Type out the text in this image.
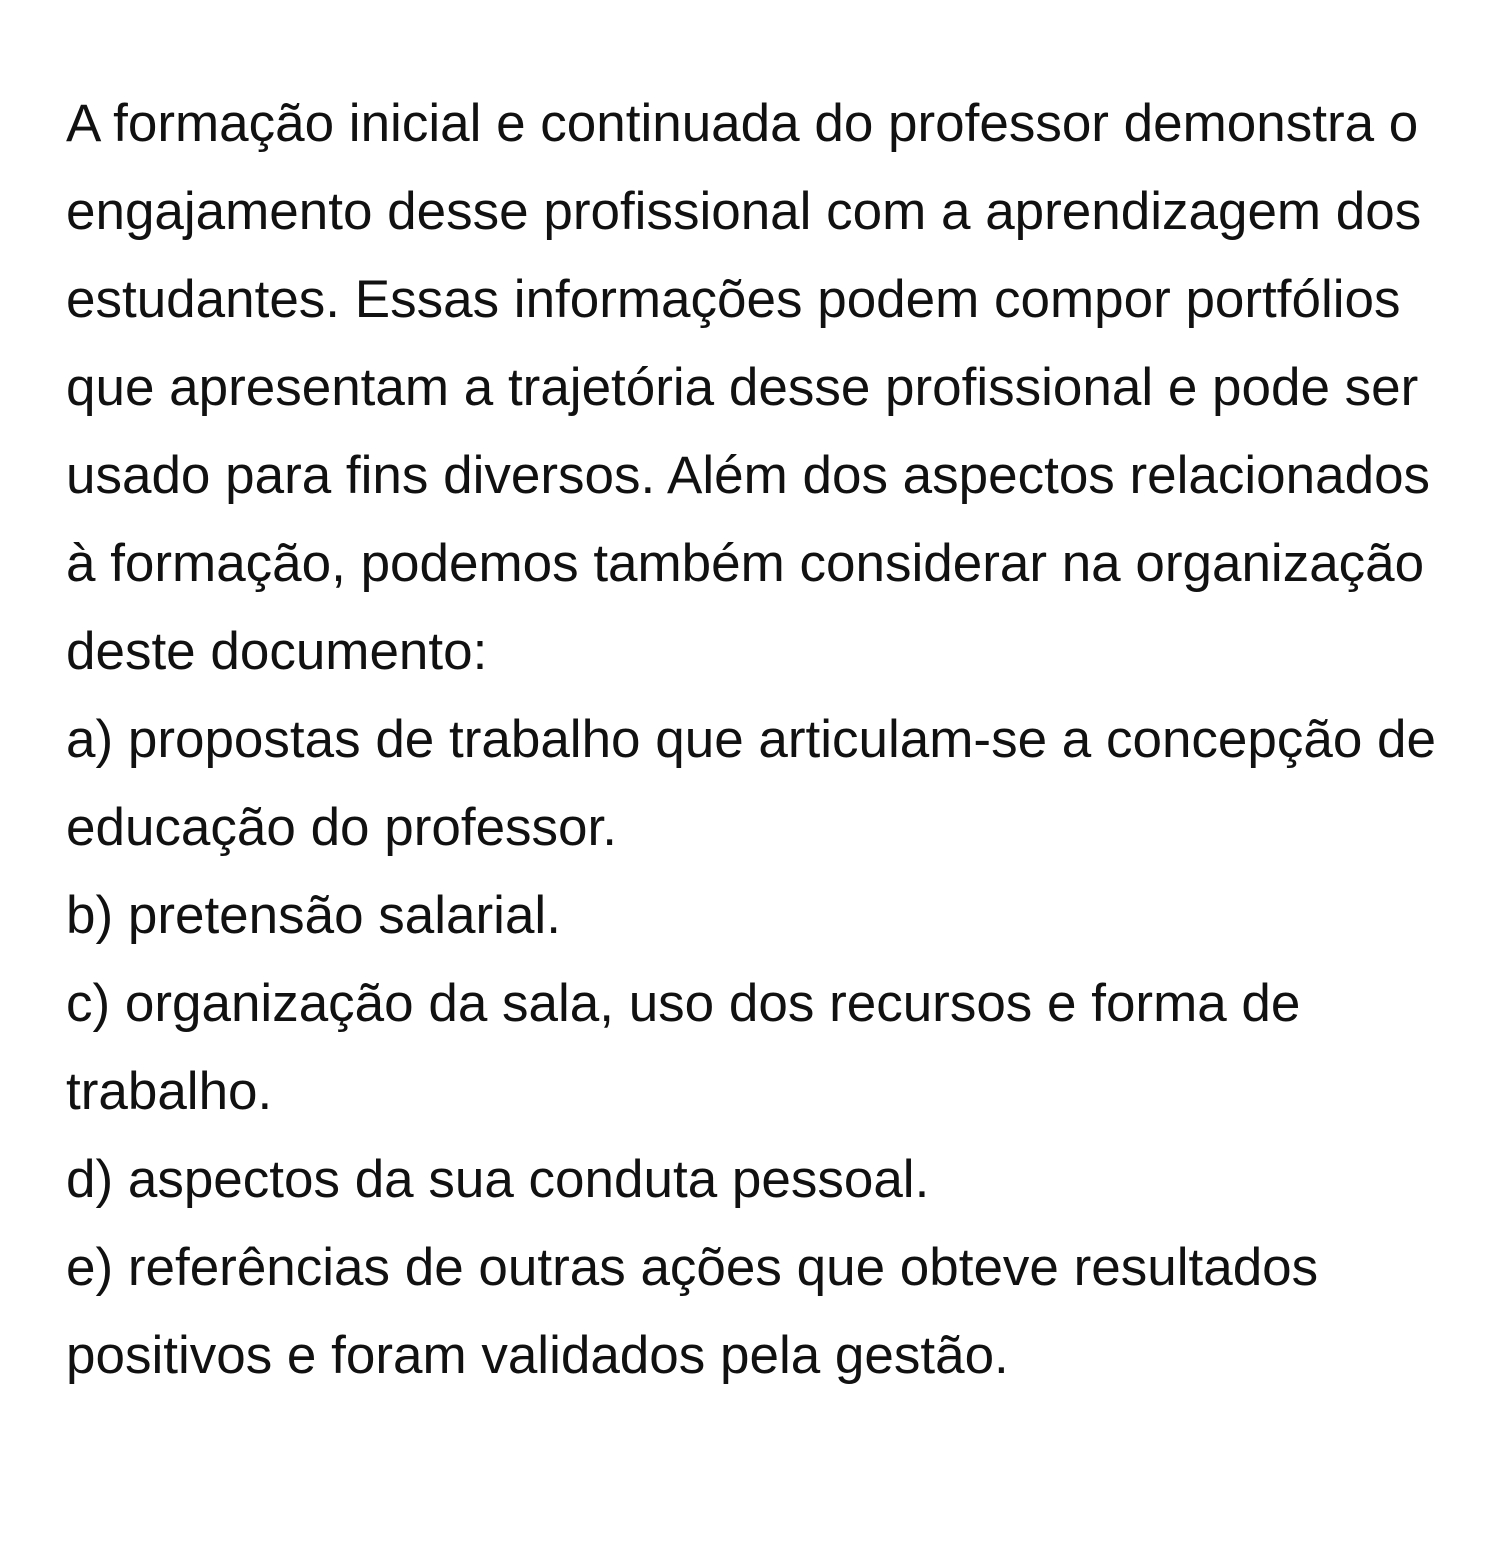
A formação inicial e continuada do professor demonstra o engajamento desse profissional com a aprendizagem dos estudantes. Essas informações podem compor portfólios que apresentam a trajetória desse profissional e pode ser usado para fins diversos. Além dos aspectos relacionados à formação, podemos também considerar na organização deste documento:

a) propostas de trabalho que articulam-se a concepção de educação do professor.

b) pretensão salarial.

c) organização da sala, uso dos recursos e forma de trabalho.

d) aspectos da sua conduta pessoal.

e) referências de outras ações que obteve resultados positivos e foram validados pela gestão.
